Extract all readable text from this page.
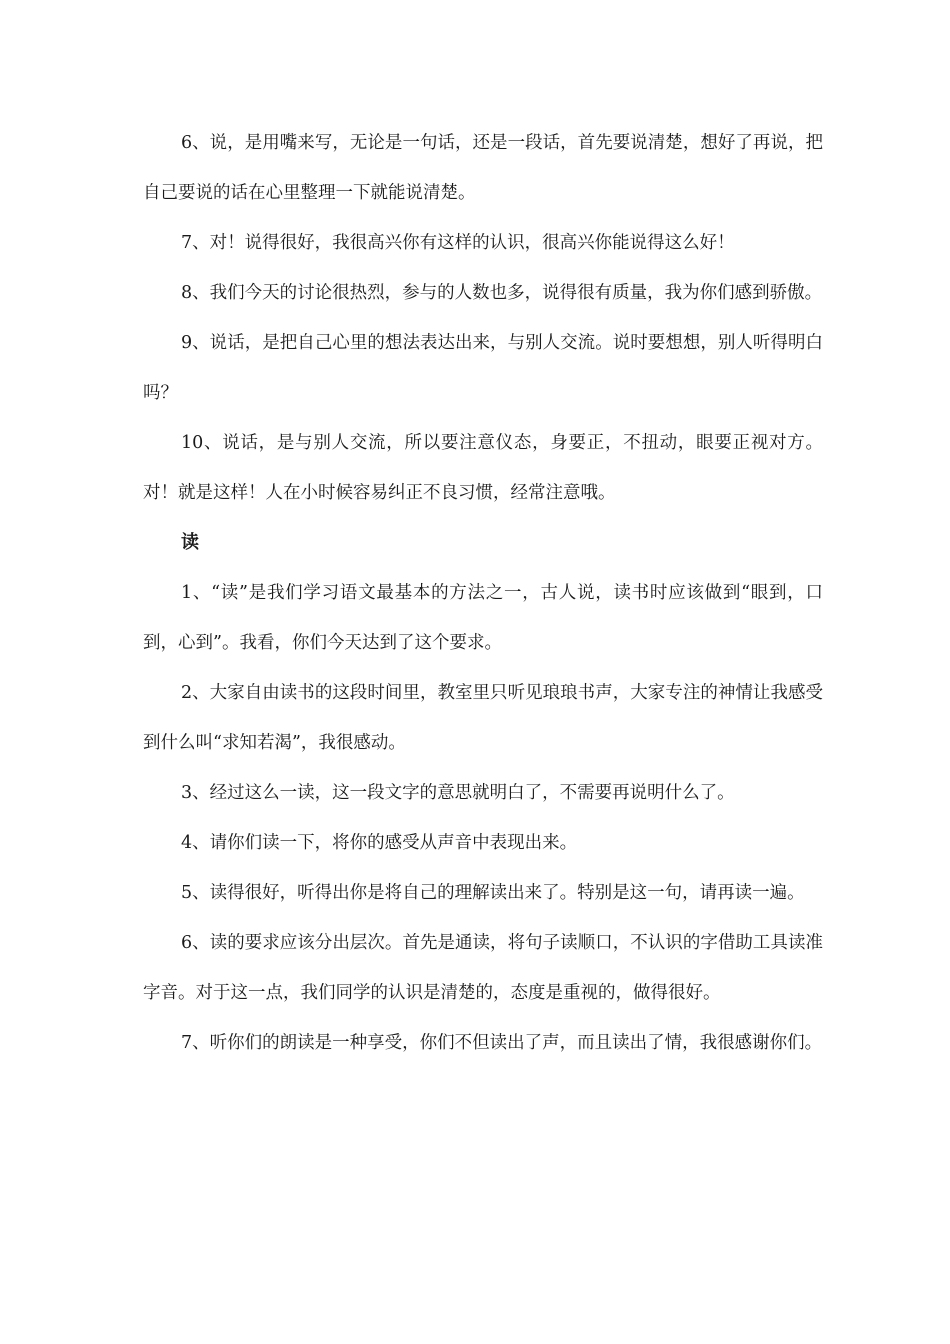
6、说，是用嘴来写，无论是一句话，还是一段话，首先要说清楚，想好了再说，把自己要说的话在心里整理一下就能说清楚。

7、对！说得很好，我很高兴你有这样的认识，很高兴你能说得这么好！

8、我们今天的讨论很热烈，参与的人数也多，说得很有质量，我为你们感到骄傲。

9、说话，是把自己心里的想法表达出来，与别人交流。说时要想想，别人听得明白吗？

10、说话，是与别人交流，所以要注意仪态，身要正，不扭动，眼要正视对方。对！就是这样！人在小时候容易纠正不良习惯，经常注意哦。

读

1、“读”是我们学习语文最基本的方法之一，古人说，读书时应该做到“眼到，口到，心到”。我看，你们今天达到了这个要求。

2、大家自由读书的这段时间里，教室里只听见琅琅书声，大家专注的神情让我感受到什么叫“求知若渴”，我很感动。

3、经过这么一读，这一段文字的意思就明白了，不需要再说明什么了。

4、请你们读一下，将你的感受从声音中表现出来。

5、读得很好，听得出你是将自己的理解读出来了。特别是这一句，请再读一遍。

6、读的要求应该分出层次。首先是通读，将句子读顺口，不认识的字借助工具读准字音。对于这一点，我们同学的认识是清楚的，态度是重视的，做得很好。

7、听你们的朗读是一种享受，你们不但读出了声，而且读出了情，我很感谢你们。
